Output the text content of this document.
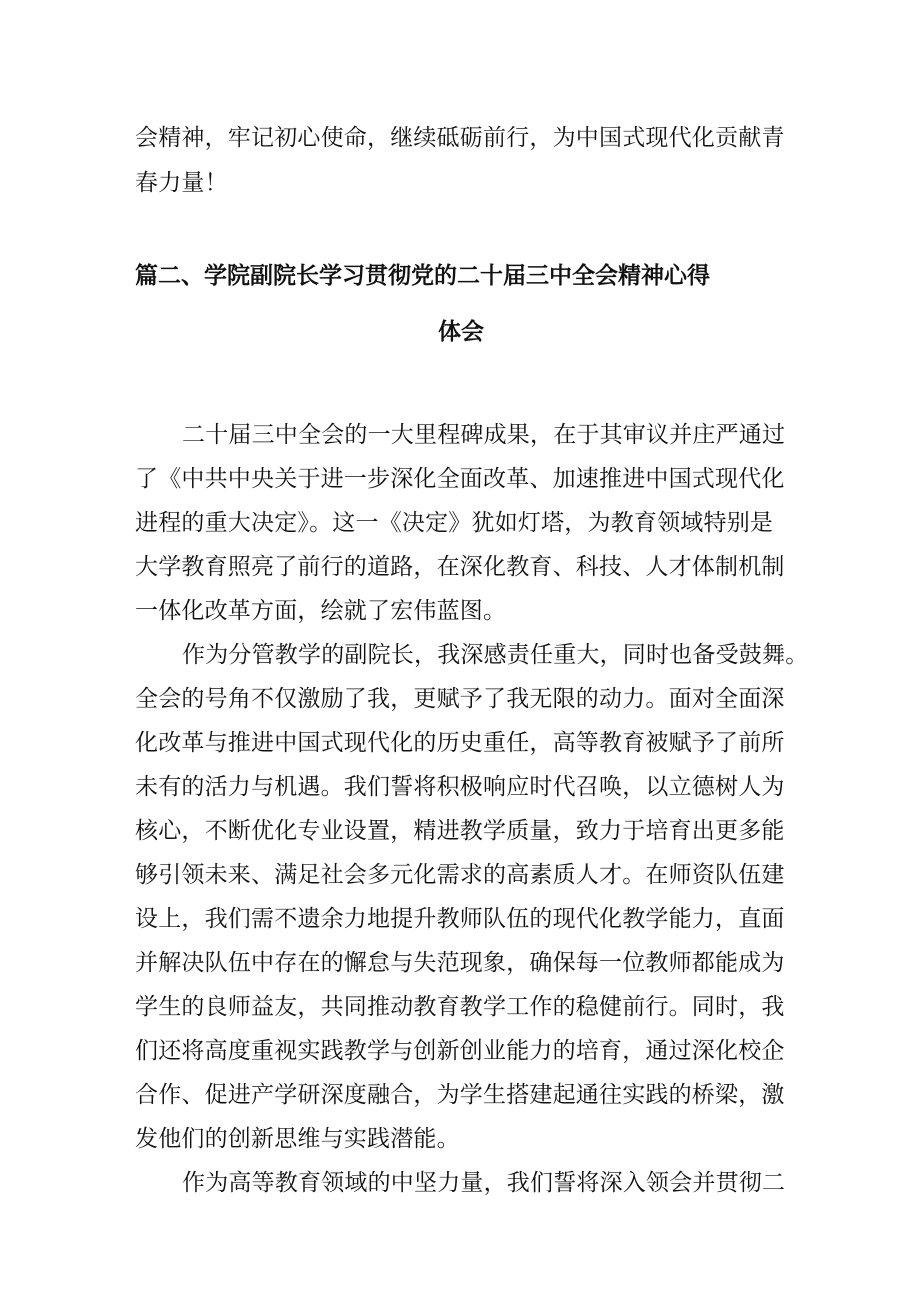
会精神，牢记初心使命，继续砥砺前行，为中国式现代化贡献青
春力量！
篇二、学院副院长学习贯彻党的二十届三中全会精神心得
体会
二十届三中全会的一大里程碑成果，在于其审议并庄严通过
了《中共中央关于进一步深化全面改革、加速推进中国式现代化
进程的重大决定》。这一《决定》犹如灯塔，为教育领域特别是
大学教育照亮了前行的道路，在深化教育、科技、人才体制机制
一体化改革方面，绘就了宏伟蓝图。
作为分管教学的副院长，我深感责任重大，同时也备受鼓舞。
全会的号角不仅激励了我，更赋予了我无限的动力。面对全面深
化改革与推进中国式现代化的历史重任，高等教育被赋予了前所
未有的活力与机遇。我们誓将积极响应时代召唤，以立德树人为
核心，不断优化专业设置，精进教学质量，致力于培育出更多能
够引领未来、满足社会多元化需求的高素质人才。在师资队伍建
设上，我们需不遗余力地提升教师队伍的现代化教学能力，直面
并解决队伍中存在的懈怠与失范现象，确保每一位教师都能成为
学生的良师益友，共同推动教育教学工作的稳健前行。同时，我
们还将高度重视实践教学与创新创业能力的培育，通过深化校企
合作、促进产学研深度融合，为学生搭建起通往实践的桥梁，激
发他们的创新思维与实践潜能。
作为高等教育领域的中坚力量，我们誓将深入领会并贯彻二
